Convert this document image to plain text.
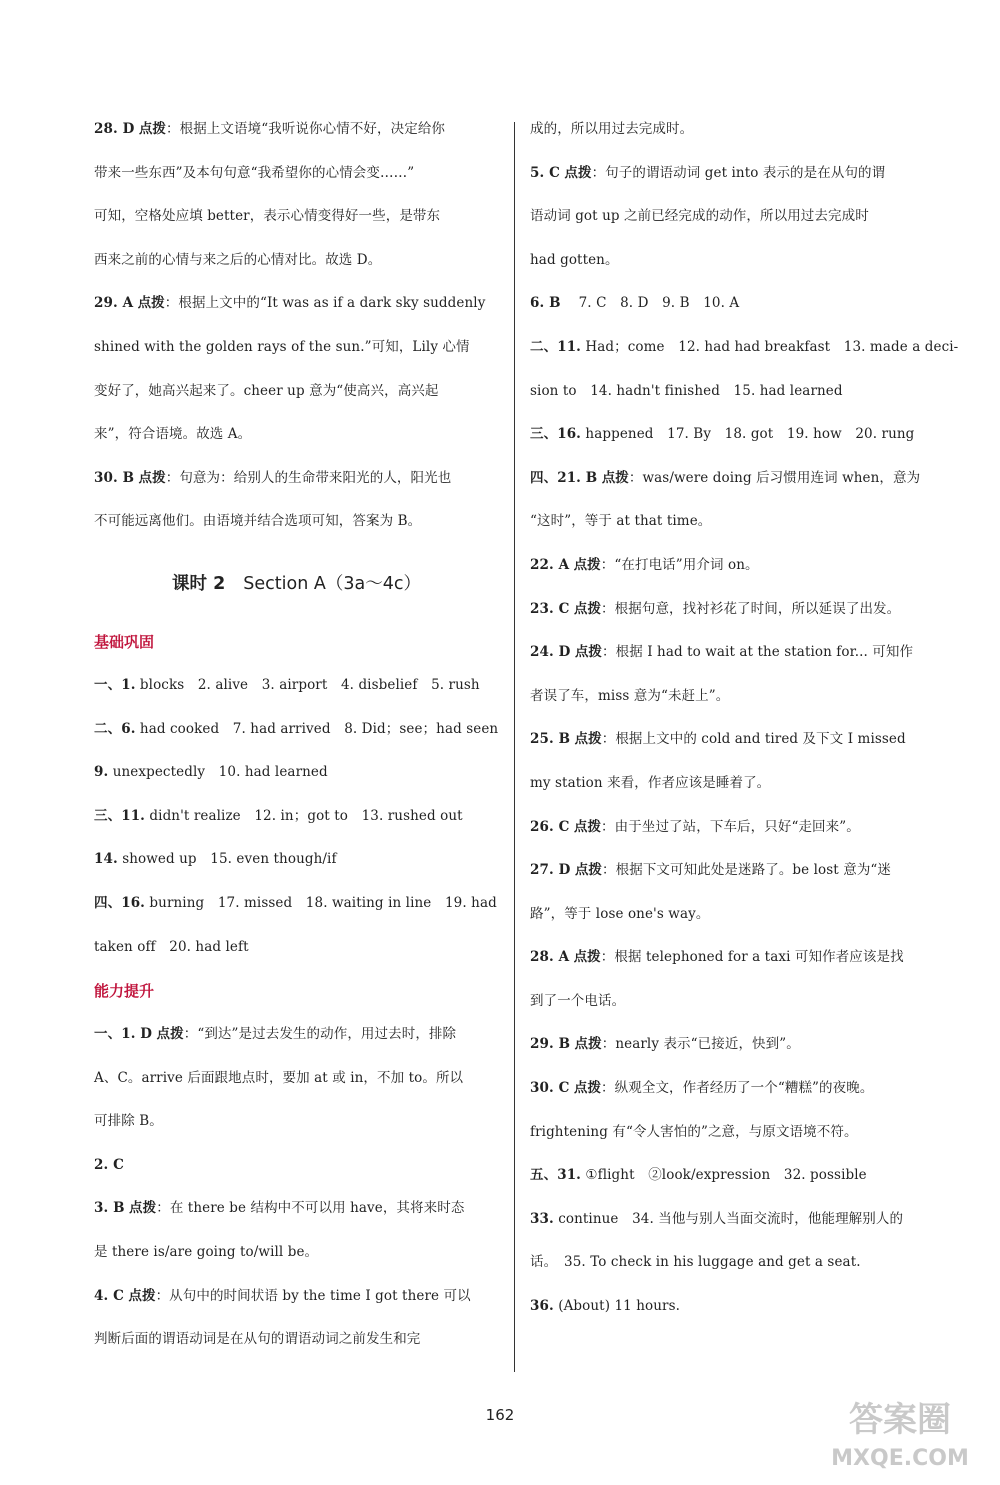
28. D 点拨：根据上文语境“我听说你心情不好，决定给你
带来一些东西”及本句句意“我希望你的心情会变……”
可知，空格处应填 better，表示心情变得好一些，是带东
西来之前的心情与来之后的心情对比。故选 D。
29. A 点拨：根据上文中的“It was as if a dark sky suddenly
shined with the golden rays of the sun.”可知，Lily 心情
变好了，她高兴起来了。cheer up 意为“使高兴，高兴起
来”，符合语境。故选 A。
30. B 点拨：句意为：给别人的生命带来阳光的人，阳光也
不可能远离他们。由语境并结合选项可知，答案为 B。
课时 2 Section A（3a～4c）
基础巩固
一、1. blocks　2. alive　3. airport　4. disbelief　5. rush
二、6. had cooked　7. had arrived　8. Did；see；had seen
9. unexpectedly　10. had learned
三、11. didn't realize　12. in；got to　13. rushed out
14. showed up　15. even though/if
四、16. burning　17. missed　18. waiting in line　19. had
taken off　20. had left
能力提升
一、1. D 点拨：“到达”是过去发生的动作，用过去时，排除
A、C。arrive 后面跟地点时，要加 at 或 in，不加 to。所以
可排除 B。
2. C
3. B 点拨：在 there be 结构中不可以用 have，其将来时态
是 there is/are going to/will be。
4. C 点拨：从句中的时间状语 by the time I got there 可以
判断后面的谓语动词是在从句的谓语动词之前发生和完
成的，所以用过去完成时。
5. C 点拨：句子的谓语动词 get into 表示的是在从句的谓
语动词 got up 之前已经完成的动作，所以用过去完成时
had gotten。
6. B 　7. C　8. D　9. B　10. A
二、11. Had；come　12. had had breakfast　13. made a deci-
sion to　14. hadn't finished　15. had learned
三、16. happened　17. By　18. got　19. how　20. rung
四、21. B 点拨：was/were doing 后习惯用连词 when，意为
“这时”，等于 at that time。
22. A 点拨：“在打电话”用介词 on。
23. C 点拨：根据句意，找衬衫花了时间，所以延误了出发。
24. D 点拨：根据 I had to wait at the station for... 可知作
者误了车，miss 意为“未赶上”。
25. B 点拨：根据上文中的 cold and tired 及下文 I missed
my station 来看，作者应该是睡着了。
26. C 点拨：由于坐过了站，下车后，只好“走回来”。
27. D 点拨：根据下文可知此处是迷路了。be lost 意为“迷
路”，等于 lose one's way。
28. A 点拨：根据 telephoned for a taxi 可知作者应该是找
到了一个电话。
29. B 点拨：nearly 表示“已接近，快到”。
30. C 点拨：纵观全文，作者经历了一个“糟糕”的夜晚。
frightening 有“令人害怕的”之意，与原文语境不符。
五、31. ①flight　②look/expression　32. possible
33. continue　34. 当他与别人当面交流时，他能理解别人的
话。　35. To check in his luggage and get a seat.
36. (About) 11 hours.
162	答案圈
MXQE.COM
